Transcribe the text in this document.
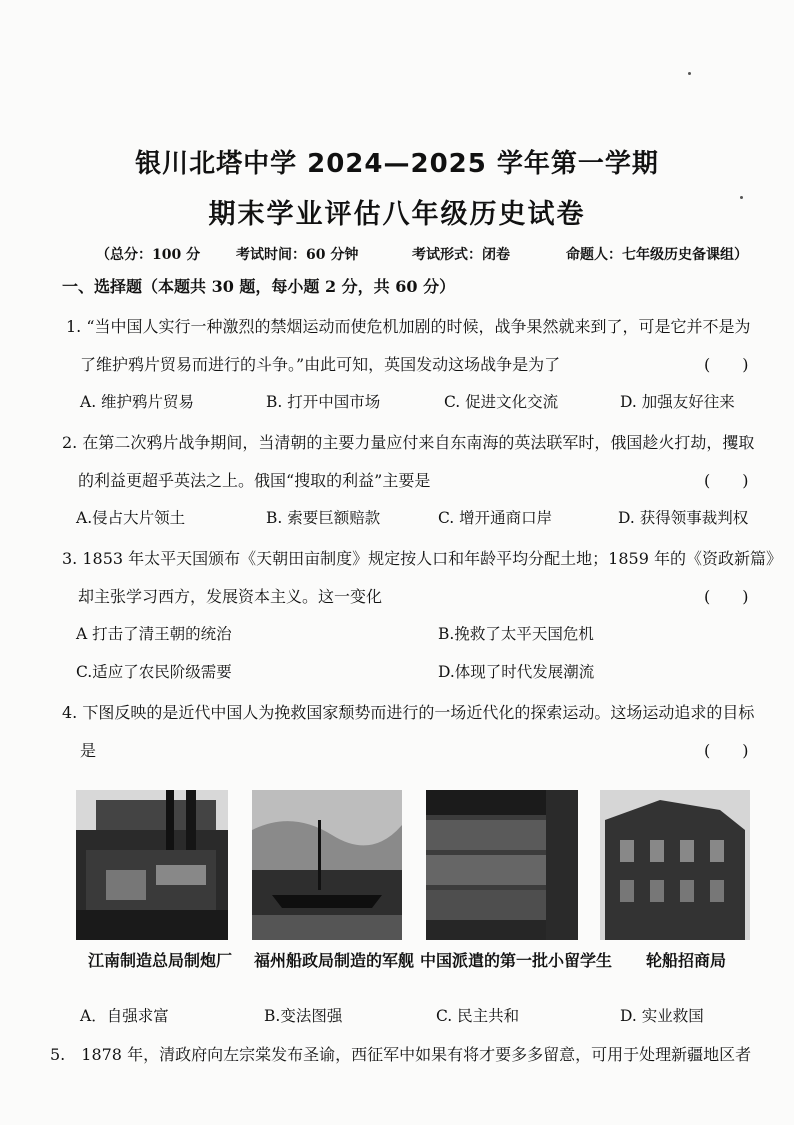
银川北塔中学 2024—2025 学年第一学期
期末学业评估八年级历史试卷
（总分：100 分	考试时间：60 分钟	考试形式：闭卷	命题人：七年级历史备课组）
一、选择题（本题共 30 题，每小题 2 分，共 60 分）
1. “当中国人实行一种激烈的禁烟运动而使危机加剧的时候，战争果然就来到了，可是它并不是为
了维护鸦片贸易而进行的斗争。”由此可知，英国发动这场战争是为了	(　　)
A. 维护鸦片贸易	B. 打开中国市场	C. 促进文化交流	D. 加强友好往来
2. 在第二次鸦片战争期间，当清朝的主要力量应付来自东南海的英法联军时，俄国趁火打劫，攫取
的利益更超乎英法之上。俄国“搜取的利益”主要是	(　　)
A.侵占大片领土	B. 索要巨额赔款	C. 增开通商口岸	D. 获得领事裁判权
3. 1853 年太平天国颁布《天朝田亩制度》规定按人口和年龄平均分配土地；1859 年的《资政新篇》
却主张学习西方，发展资本主义。这一变化	(　　)
A 打击了清王朝的统治	B.挽救了太平天国危机
C.适应了农民阶级需要	D.体现了时代发展潮流
4. 下图反映的是近代中国人为挽救国家颓势而进行的一场近代化的探索运动。这场运动追求的目标
是	(　　)
江南制造总局制炮厂 福州船政局制造的军舰 中国派遣的第一批小留学生 轮船招商局
A．自强求富	B.变法图强	C. 民主共和	D. 实业救国
5.　1878 年，清政府向左宗棠发布圣谕，西征军中如果有将才要多多留意，可用于处理新疆地区者
